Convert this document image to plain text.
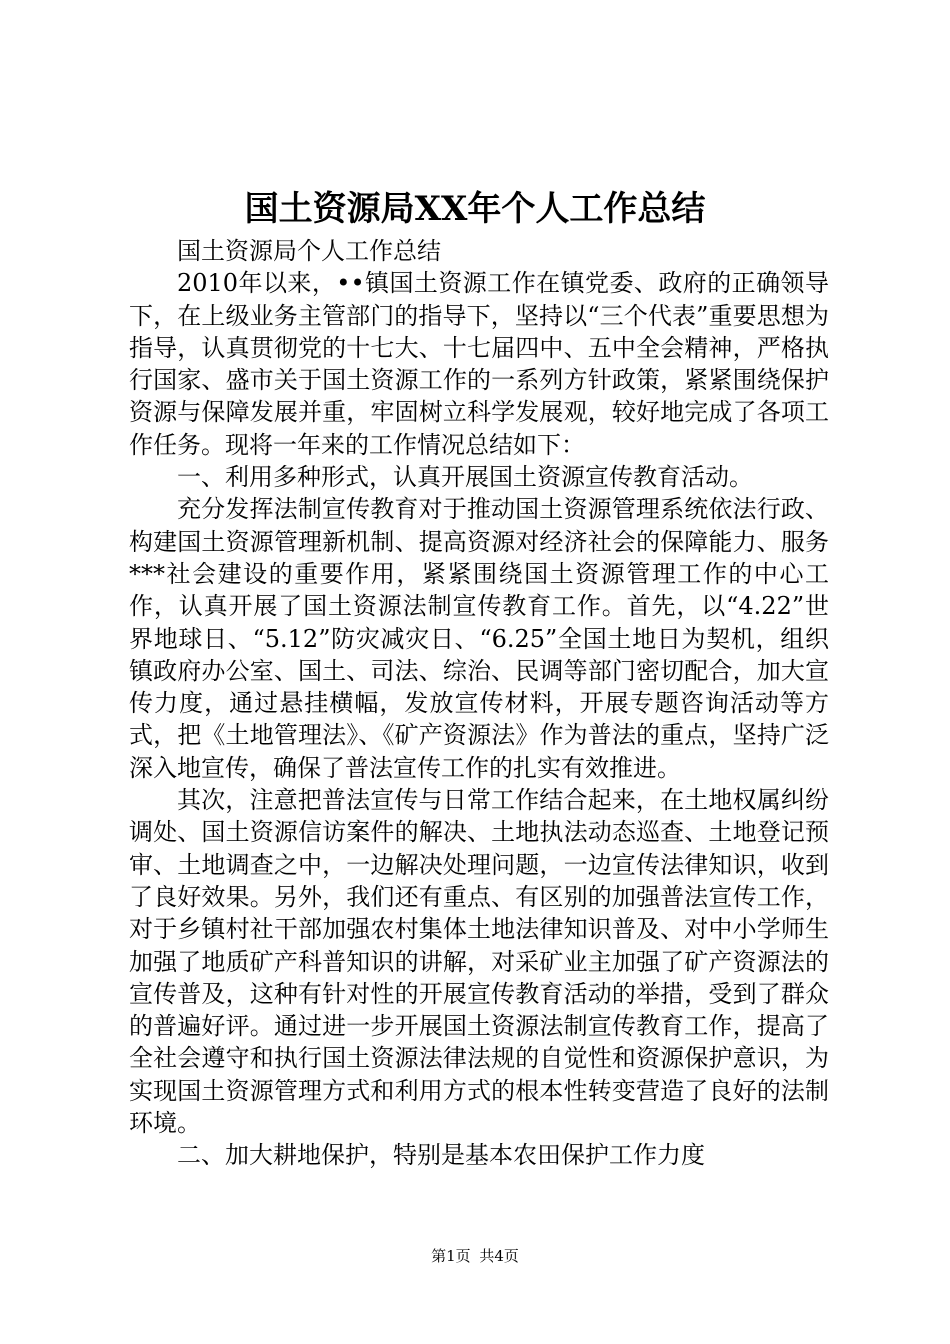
国土资源局XX年个人工作总结

国土资源局个人工作总结

2010年以来，••镇国土资源工作在镇党委、政府的正确领导下，在上级业务主管部门的指导下，坚持以“三个代表”重要思想为指导，认真贯彻党的十七大、十七届四中、五中全会精神，严格执行国家、盛市关于国土资源工作的一系列方针政策，紧紧围绕保护资源与保障发展并重，牢固树立科学发展观，较好地完成了各项工作任务。现将一年来的工作情况总结如下：

一、利用多种形式，认真开展国土资源宣传教育活动。

充分发挥法制宣传教育对于推动国土资源管理系统依法行政、构建国土资源管理新机制、提高资源对经济社会的保障能力、服务***社会建设的重要作用，紧紧围绕国土资源管理工作的中心工作，认真开展了国土资源法制宣传教育工作。首先，以“4.22”世界地球日、“5.12”防灾减灾日、“6.25”全国土地日为契机，组织镇政府办公室、国土、司法、综治、民调等部门密切配合，加大宣传力度，通过悬挂横幅，发放宣传材料，开展专题咨询活动等方式，把《土地管理法》、《矿产资源法》作为普法的重点，坚持广泛深入地宣传，确保了普法宣传工作的扎实有效推进。

其次，注意把普法宣传与日常工作结合起来，在土地权属纠纷调处、国土资源信访案件的解决、土地执法动态巡查、土地登记预审、土地调查之中，一边解决处理问题，一边宣传法律知识，收到了良好效果。另外，我们还有重点、有区别的加强普法宣传工作，对于乡镇村社干部加强农村集体土地法律知识普及、对中小学师生加强了地质矿产科普知识的讲解，对采矿业主加强了矿产资源法的宣传普及，这种有针对性的开展宣传教育活动的举措，受到了群众的普遍好评。通过进一步开展国土资源法制宣传教育工作，提高了全社会遵守和执行国土资源法律法规的自觉性和资源保护意识，为实现国土资源管理方式和利用方式的根本性转变营造了良好的法制环境。

二、加大耕地保护，特别是基本农田保护工作力度

第1页 共4页
